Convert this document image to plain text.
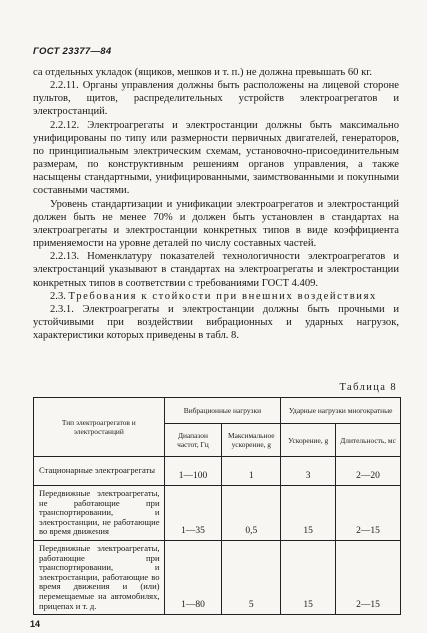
ГОСТ 23377—84

са отдельных укладок (ящиков, мешков и т. п.) не должна превышать 60 кг.

2.2.11. Органы управления должны быть расположены на лицевой стороне пультов, щитов, распределительных устройств электроагрегатов и электростанций.

2.2.12. Электроагрегаты и электростанции должны быть максимально унифицированы по типу или размерности первичных двигателей, генераторов, по принципиальным электрическим схемам, установочно-присоединительным размерам, по конструктивным решениям органов управления, а также насыщены стандартными, унифицированными, заимствованными и покупными составными частями.

Уровень стандартизации и унификации электроагрегатов и электростанций должен быть не менее 70% и должен быть установлен в стандартах на электроагрегаты и электростанции конкретных типов в виде коэффициента применяемости на уровне деталей по числу составных частей.

2.2.13. Номенклатуру показателей технологичности электроагрегатов и электростанций указывают в стандартах на электроагрегаты и электростанции конкретных типов в соответствии с требованиями ГОСТ 4.409.

2.3. Требования к стойкости при внешних воздействиях

2.3.1. Электроагрегаты и электростанции должны быть прочными и устойчивыми при воздействии вибрационных и ударных нагрузок, характеристики которых приведены в табл. 8.

Таблица 8
Тип электроагрегатов и электростанций	Вибрационные нагрузки		Ударные нагрузки многократные	
	Диапазон частот, Гц	Максимальное ускорение, g	Ускорение, g	Длительность, мс
Стационарные электроагрегаты	1—100	1	3	2—20
Передвижные электроагрегаты, не работающие при транспортировании, и электростанции, не работающие во время движения	1—35	0,5	15	2—15
Передвижные электроагрегаты, работающие при транспортировании, и электростанции, работающие во время движения и (или) перемещаемые на автомобилях, прицепах и т. д.	1—80	5	15	2—15
14
